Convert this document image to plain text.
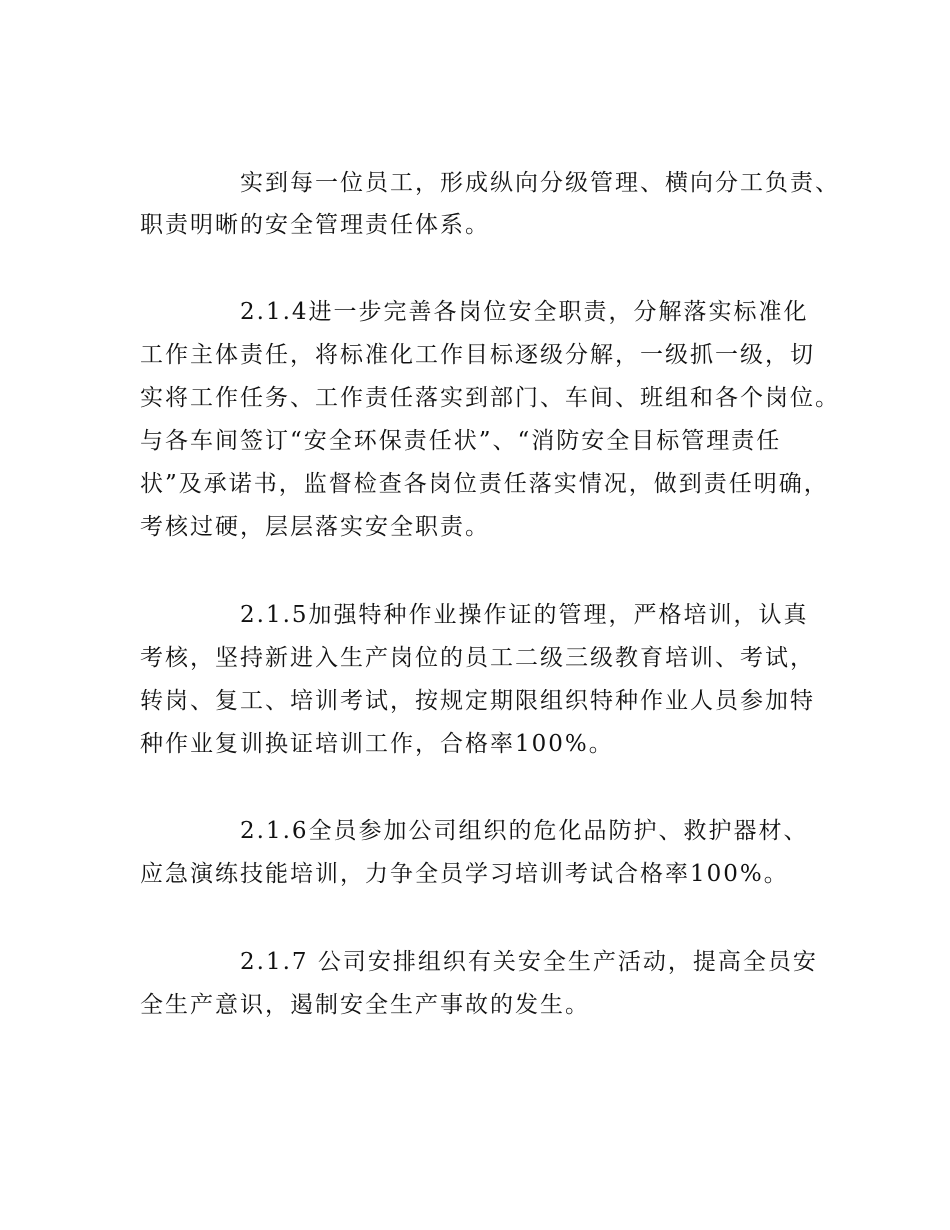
实到每一位员工，形成纵向分级管理、横向分工负责、
职责明晰的安全管理责任体系。
2.1.4进一步完善各岗位安全职责，分解落实标准化
工作主体责任，将标准化工作目标逐级分解，一级抓一级，切
实将工作任务、工作责任落实到部门、车间、班组和各个岗位。
与各车间签订“安全环保责任状”、“消防安全目标管理责任
状”及承诺书，监督检查各岗位责任落实情况，做到责任明确，
考核过硬，层层落实安全职责。
2.1.5加强特种作业操作证的管理，严格培训，认真
考核，坚持新进入生产岗位的员工二级三级教育培训、考试，
转岗、复工、培训考试，按规定期限组织特种作业人员参加特
种作业复训换证培训工作，合格率100%。
2.1.6全员参加公司组织的危化品防护、救护器材、
应急演练技能培训，力争全员学习培训考试合格率100%。
2.1.7 公司安排组织有关安全生产活动，提高全员安
全生产意识，遏制安全生产事故的发生。
